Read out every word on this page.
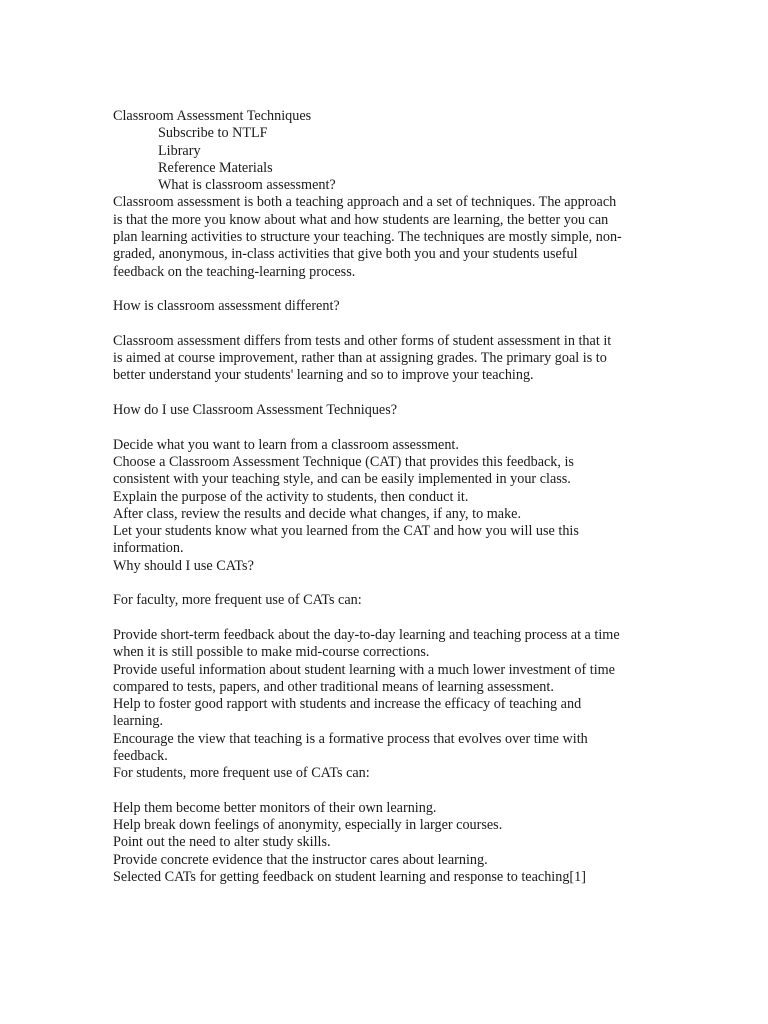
Classroom Assessment Techniques
Subscribe to NTLF
Library
Reference Materials
What is classroom assessment?
Classroom assessment is both a teaching approach and a set of techniques. The approach
is that the more you know about what and how students are learning, the better you can
plan learning activities to structure your teaching. The techniques are mostly simple, non-
graded, anonymous, in-class activities that give both you and your students useful
feedback on the teaching-learning process.
How is classroom assessment different?
Classroom assessment differs from tests and other forms of student assessment in that it
is aimed at course improvement, rather than at assigning grades. The primary goal is to
better understand your students' learning and so to improve your teaching.
How do I use Classroom Assessment Techniques?
Decide what you want to learn from a classroom assessment.
Choose a Classroom Assessment Technique (CAT) that provides this feedback, is
consistent with your teaching style, and can be easily implemented in your class.
Explain the purpose of the activity to students, then conduct it.
After class, review the results and decide what changes, if any, to make.
Let your students know what you learned from the CAT and how you will use this
information.
Why should I use CATs?
For faculty, more frequent use of CATs can:
Provide short-term feedback about the day-to-day learning and teaching process at a time
when it is still possible to make mid-course corrections.
Provide useful information about student learning with a much lower investment of time
compared to tests, papers, and other traditional means of learning assessment.
Help to foster good rapport with students and increase the efficacy of teaching and
learning.
Encourage the view that teaching is a formative process that evolves over time with
feedback.
For students, more frequent use of CATs can:
Help them become better monitors of their own learning.
Help break down feelings of anonymity, especially in larger courses.
Point out the need to alter study skills.
Provide concrete evidence that the instructor cares about learning.
Selected CATs for getting feedback on student learning and response to teaching[1]
